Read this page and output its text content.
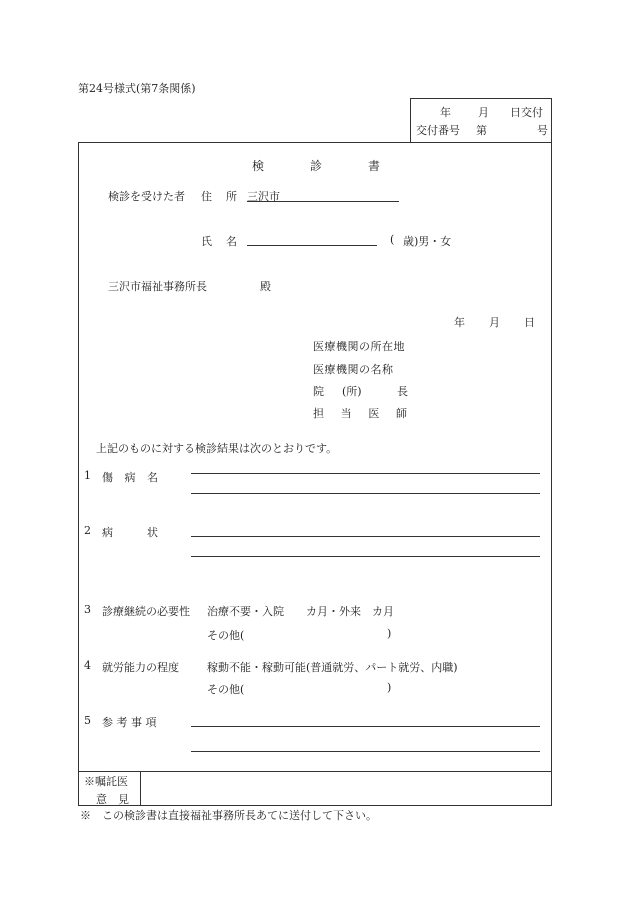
第24号様式(第7条関係)
年 月 日交付
交付番号 第	号
検	診	書
検診を受けた者 住 所 三沢市
氏 名	( 歳)男・女
三沢市福祉事務所長	殿
年 月 日
医療機関の所在地
医療機関の名称
院 (所)	長
担 当 医 師
上記のものに対する検診結果は次のとおりです。
1 傷 病 名
2 病	状
3 診療継続の必要性 治療不要・入院　　カ月・外来　カ月
その他(	)
4 就労能力の程度	稼動不能・稼動可能(普通就労、パート就労、内職)
その他(	)
5 参 考 事 項
※嘱託医
意　見
※　この検診書は直接福祉事務所長あてに送付して下さい。
